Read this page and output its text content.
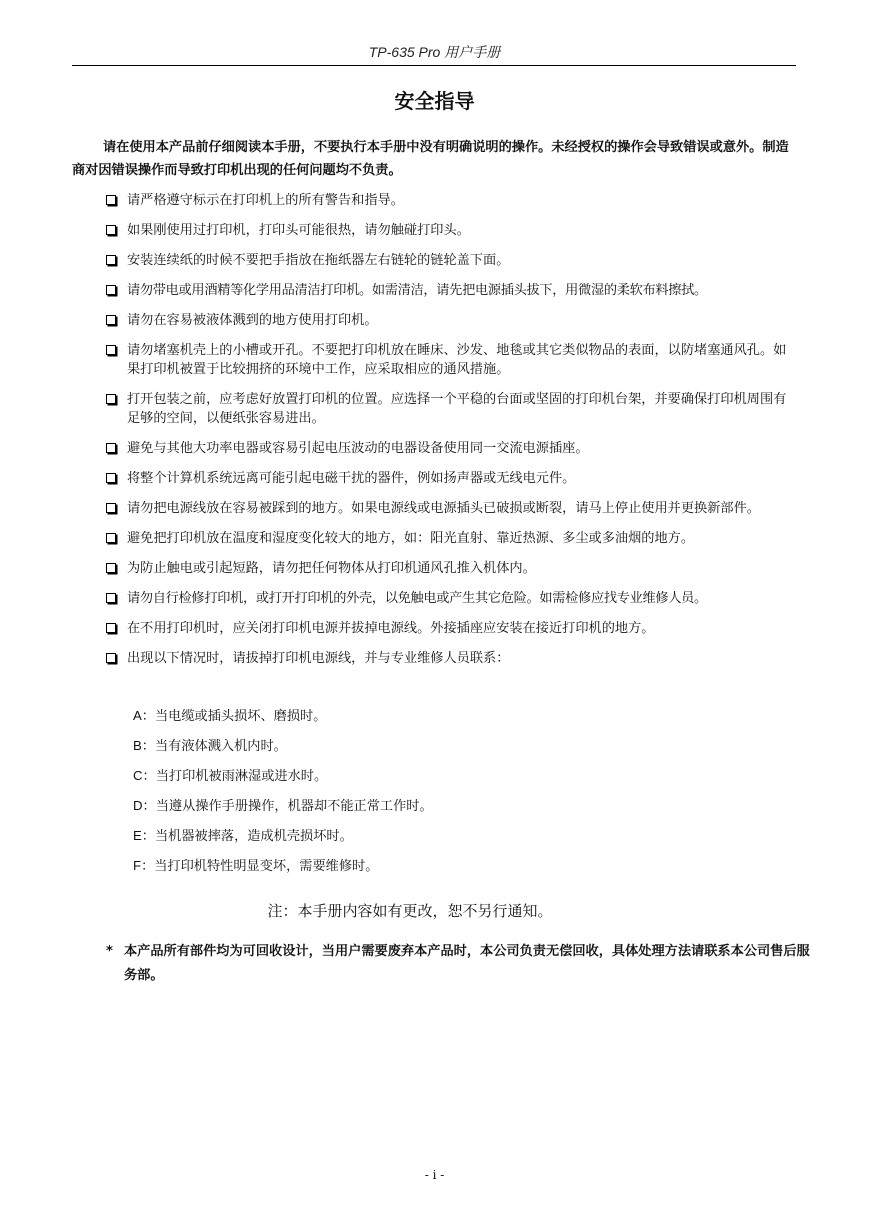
TP-635 Pro 用户手册
安全指导

请在使用本产品前仔细阅读本手册，不要执行本手册中没有明确说明的操作。未经授权的操作会导致错误或意外。制造商对因错误操作而导致打印机出现的任何问题均不负责。

请严格遵守标示在打印机上的所有警告和指导。
如果刚使用过打印机，打印头可能很热，请勿触碰打印头。
安装连续纸的时候不要把手指放在拖纸器左右链轮的链轮盖下面。
请勿带电或用酒精等化学用品清洁打印机。如需清洁，请先把电源插头拔下，用微湿的柔软布料擦拭。
请勿在容易被液体溅到的地方使用打印机。
请勿堵塞机壳上的小槽或开孔。不要把打印机放在睡床、沙发、地毯或其它类似物品的表面，以防堵塞通风孔。如果打印机被置于比较拥挤的环境中工作，应采取相应的通风措施。
打开包装之前，应考虑好放置打印机的位置。应选择一个平稳的台面或坚固的打印机台架，并要确保打印机周围有足够的空间，以便纸张容易进出。
避免与其他大功率电器或容易引起电压波动的电器设备使用同一交流电源插座。
将整个计算机系统远离可能引起电磁干扰的器件，例如扬声器或无线电元件。
请勿把电源线放在容易被踩到的地方。如果电源线或电源插头已破损或断裂，请马上停止使用并更换新部件。
避免把打印机放在温度和湿度变化较大的地方，如：阳光直射、靠近热源、多尘或多油烟的地方。
为防止触电或引起短路，请勿把任何物体从打印机通风孔推入机体内。
请勿自行检修打印机，或打开打印机的外壳，以免触电或产生其它危险。如需检修应找专业维修人员。
在不用打印机时，应关闭打印机电源并拔掉电源线。外接插座应安装在接近打印机的地方。
出现以下情况时，请拔掉打印机电源线，并与专业维修人员联系：
A：当电缆或插头损坏、磨损时。
B：当有液体溅入机内时。
C：当打印机被雨淋湿或进水时。
D：当遵从操作手册操作，机器却不能正常工作时。
E：当机器被摔落，造成机壳损坏时。
F：当打印机特性明显变坏，需要维修时。
注：本手册内容如有更改，恕不另行通知。
* 本产品所有部件均为可回收设计，当用户需要废弃本产品时，本公司负责无偿回收，具体处理方法请联系本公司售后服务部。
- i -
